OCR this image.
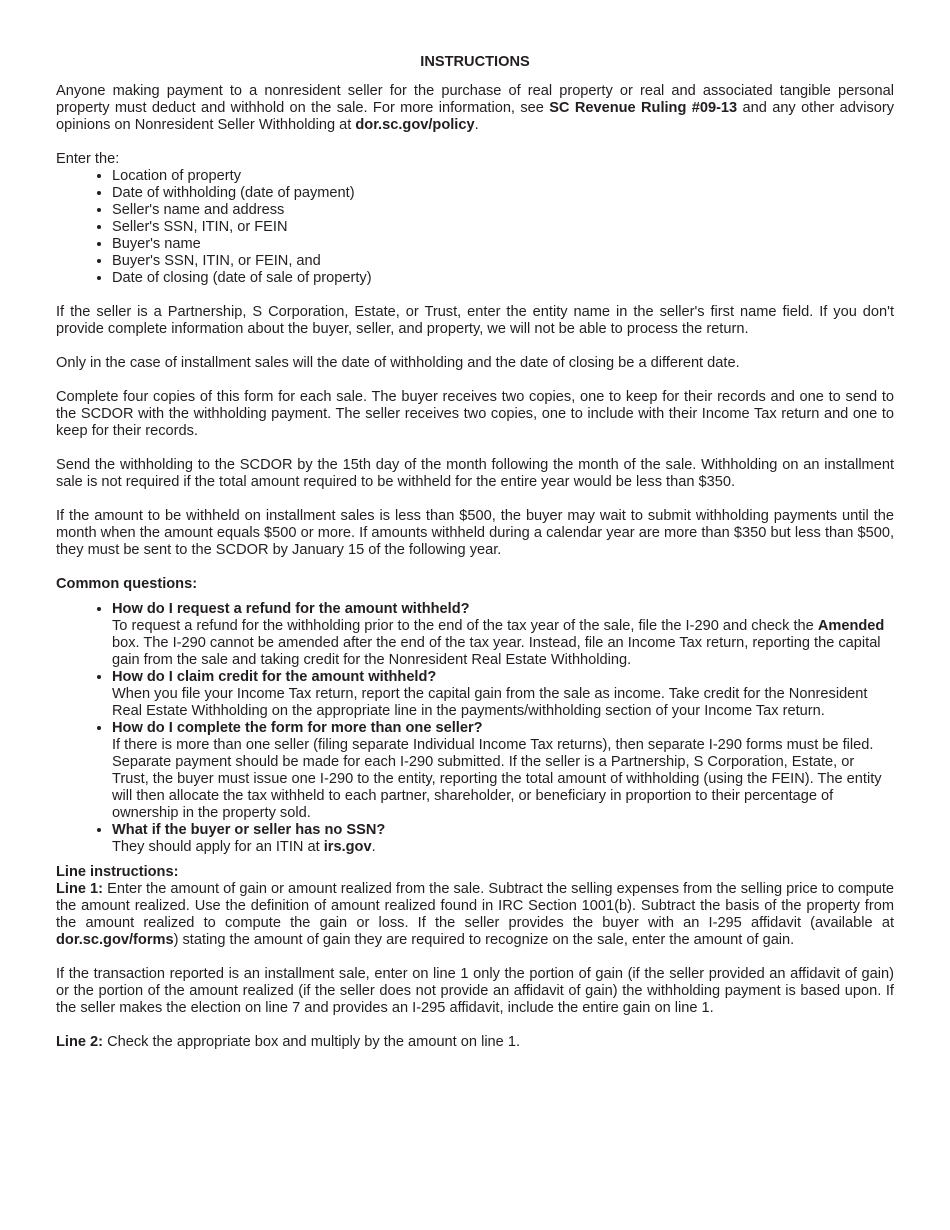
INSTRUCTIONS

Anyone making payment to a nonresident seller for the purchase of real property or real and associated tangible personal property must deduct and withhold on the sale. For more information, see SC Revenue Ruling #09-13 and any other advisory opinions on Nonresident Seller Withholding at dor.sc.gov/policy.

Enter the:

• Location of property
• Date of withholding (date of payment)
• Seller's name and address
• Seller's SSN, ITIN, or FEIN
• Buyer's name
• Buyer's SSN, ITIN, or FEIN, and
• Date of closing (date of sale of property)

If the seller is a Partnership, S Corporation, Estate, or Trust, enter the entity name in the seller's first name field. If you don't provide complete information about the buyer, seller, and property, we will not be able to process the return.

Only in the case of installment sales will the date of withholding and the date of closing be a different date.

Complete four copies of this form for each sale. The buyer receives two copies, one to keep for their records and one to send to the SCDOR with the withholding payment. The seller receives two copies, one to include with their Income Tax return and one to keep for their records.

Send the withholding to the SCDOR by the 15th day of the month following the month of the sale. Withholding on an installment sale is not required if the total amount required to be withheld for the entire year would be less than $350.

If the amount to be withheld on installment sales is less than $500, the buyer may wait to submit withholding payments until the month when the amount equals $500 or more. If amounts withheld during a calendar year are more than $350 but less than $500, they must be sent to the SCDOR by January 15 of the following year.

Common questions:

• How do I request a refund for the amount withheld?
To request a refund for the withholding prior to the end of the tax year of the sale, file the I-290 and check the Amended box. The I-290 cannot be amended after the end of the tax year. Instead, file an Income Tax return, reporting the capital gain from the sale and taking credit for the Nonresident Real Estate Withholding.
• How do I claim credit for the amount withheld?
When you file your Income Tax return, report the capital gain from the sale as income. Take credit for the Nonresident Real Estate Withholding on the appropriate line in the payments/withholding section of your Income Tax return.
• How do I complete the form for more than one seller?
If there is more than one seller (filing separate Individual Income Tax returns), then separate I-290 forms must be filed. Separate payment should be made for each I-290 submitted. If the seller is a Partnership, S Corporation, Estate, or Trust, the buyer must issue one I-290 to the entity, reporting the total amount of withholding (using the FEIN). The entity will then allocate the tax withheld to each partner, shareholder, or beneficiary in proportion to their percentage of ownership in the property sold.
• What if the buyer or seller has no SSN?
They should apply for an ITIN at irs.gov.

Line instructions:

Line 1: Enter the amount of gain or amount realized from the sale. Subtract the selling expenses from the selling price to compute the amount realized. Use the definition of amount realized found in IRC Section 1001(b). Subtract the basis of the property from the amount realized to compute the gain or loss. If the seller provides the buyer with an I-295 affidavit (available at dor.sc.gov/forms) stating the amount of gain they are required to recognize on the sale, enter the amount of gain.

If the transaction reported is an installment sale, enter on line 1 only the portion of gain (if the seller provided an affidavit of gain) or the portion of the amount realized (if the seller does not provide an affidavit of gain) the withholding payment is based upon. If the seller makes the election on line 7 and provides an I-295 affidavit, include the entire gain on line 1.

Line 2: Check the appropriate box and multiply by the amount on line 1.
